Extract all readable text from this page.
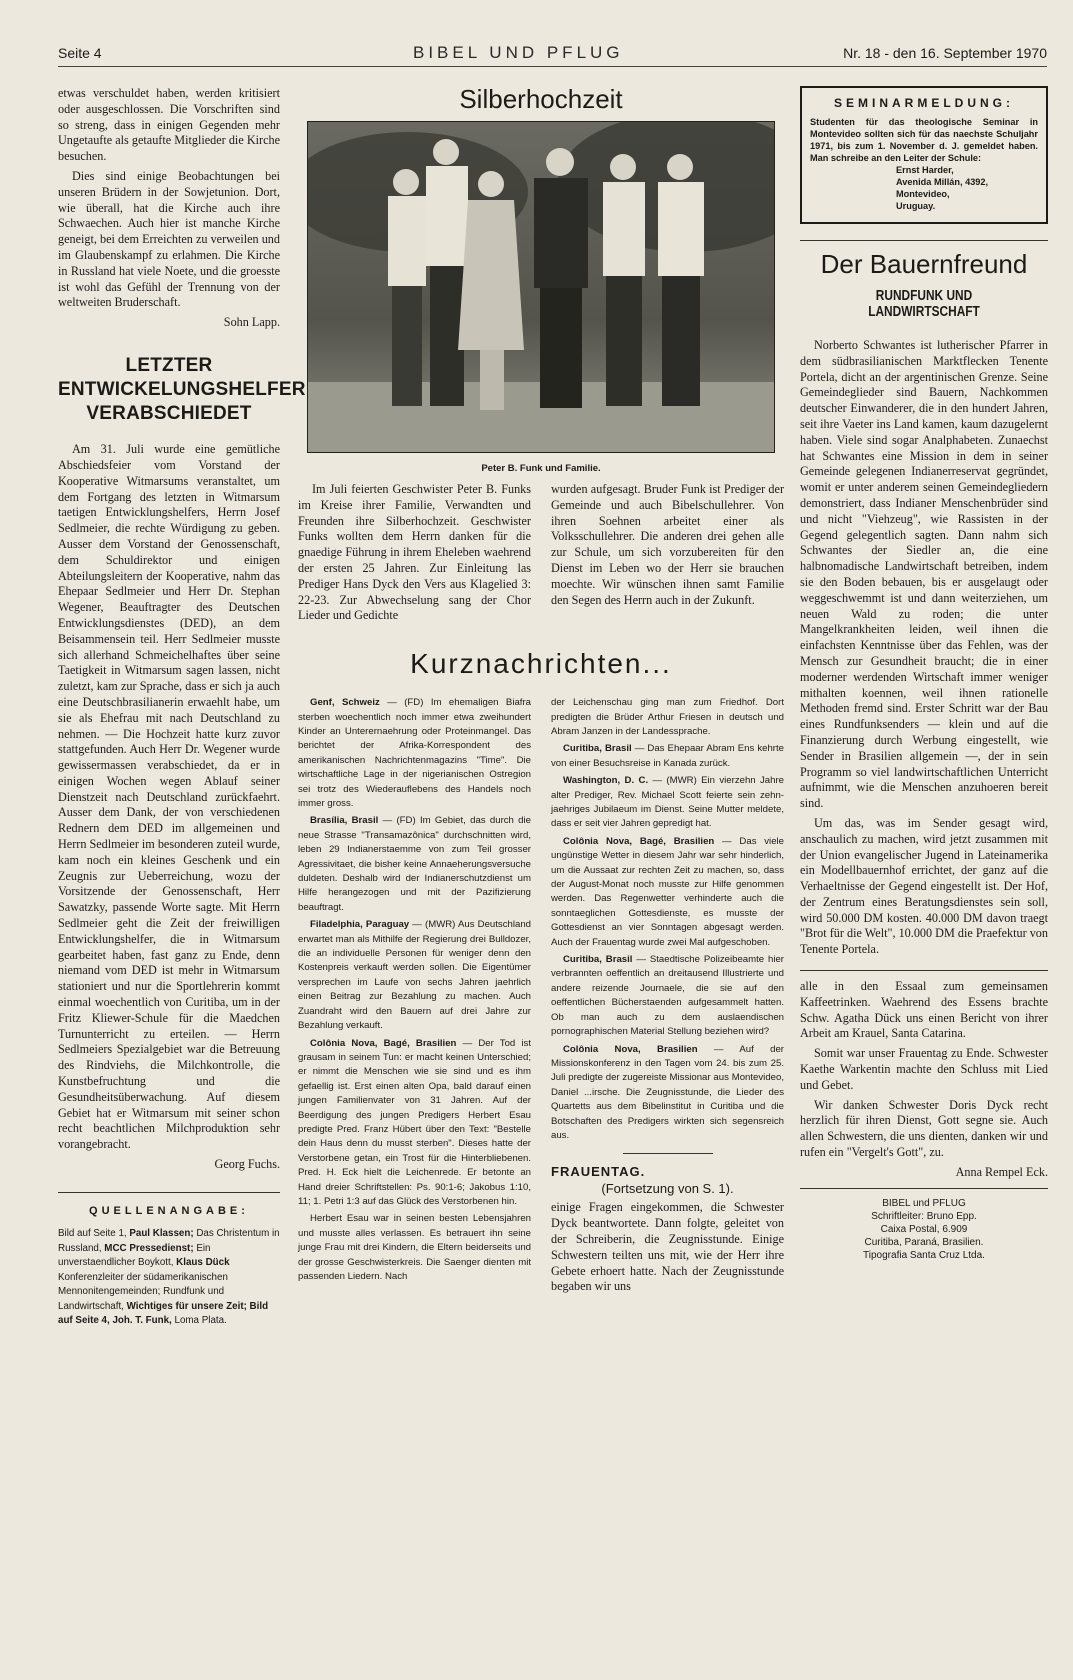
Seite 4	BIBEL UND PFLUG	Nr. 18 - den 16. September 1970

etwas verschuldet haben, werden kritisiert oder ausgeschlossen. Die Vorschriften sind so streng, dass in einigen Gegenden mehr Ungetaufte als getaufte Mitglieder die Kirche besuchen.

Dies sind einige Beobachtungen bei unseren Brüdern in der Sowjetunion. Dort, wie überall, hat die Kirche auch ihre Schwaechen. Auch hier ist manche Kirche geneigt, bei dem Erreichten zu verweilen und im Glaubenskampf zu erlahmen. Die Kirche in Russland hat viele Noete, und die groesste ist wohl das Gefühl der Trennung von der weltweiten Bruderschaft.

Sohn Lapp.
LETZTER
ENTWICKELUNGSHELFER
VERABSCHIEDET

Am 31. Juli wurde eine gemütliche Abschiedsfeier vom Vorstand der Kooperative Witmarsums veranstaltet, um dem Fortgang des letzten in Witmarsum taetigen Entwicklungshelfers, Herrn Josef Sedlmeier, die rechte Würdigung zu geben. Ausser dem Vorstand der Genossenschaft, dem Schuldirektor und einigen Abteilungsleitern der Kooperative, nahm das Ehepaar Sedlmeier und Herr Dr. Stephan Wegener, Beauftragter des Deutschen Entwicklungsdienstes (DED), an dem Beisammensein teil. Herr Sedlmeier musste sich allerhand Schmeichelhaftes über seine Taetigkeit in Witmarsum sagen lassen, nicht zuletzt, kam zur Sprache, dass er sich ja auch eine Deutschbrasilianerin erwaehlt habe, um sie als Ehefrau mit nach Deutschland zu nehmen. — Die Hochzeit hatte kurz zuvor stattgefunden. Auch Herr Dr. Wegener wurde gewissermassen verabschiedet, da er in einigen Wochen wegen Ablauf seiner Dienstzeit nach Deutschland zurückfaehrt. Ausser dem Dank, der von verschiedenen Rednern dem DED im allgemeinen und Herrn Sedlmeier im besonderen zuteil wurde, kam noch ein kleines Geschenk und ein Zeugnis zur Ueberreichung, wozu der Vorsitzende der Genossenschaft, Herr Sawatzky, passende Worte sagte. Mit Herrn Sedlmeier geht die Zeit der freiwilligen Entwicklungshelfer, die in Witmarsum gearbeitet haben, fast ganz zu Ende, denn niemand vom DED ist mehr in Witmarsum stationiert und nur die Sportlehrerin kommt einmal woechentlich von Curitiba, um in der Fritz Kliewer-Schule für die Maedchen Turnunterricht zu erteilen. — Herrn Sedlmeiers Spezialgebiet war die Betreuung des Rindviehs, die Milchkontrolle, die Kunstbefruchtung und die Gesundheitsüberwachung. Auf diesem Gebiet hat er Witmarsum mit seiner schon recht beachtlichen Milchproduktion sehr vorangebracht.

Georg Fuchs.
QUELLENANGABE:

Bild auf Seite 1, Paul Klassen; Das Christentum in Russland, MCC Pressedienst; Ein unverstaendlicher Boykott, Klaus Dück Konferenzleiter der südamerikanischen Mennonitengemeinden; Rundfunk und Landwirtschaft, Wichtiges für unsere Zeit; Bild auf Seite 4, Joh. T. Funk, Loma Plata.

Silberhochzeit
Peter B. Funk und Familie.

Im Juli feierten Geschwister Peter B. Funks im Kreise ihrer Familie, Verwandten und Freunden ihre Silberhochzeit. Geschwister Funks wollten dem Herrn danken für die gnaedige Führung in ihrem Eheleben waehrend der ersten 25 Jahren. Zur Einleitung las Prediger Hans Dyck den Vers aus Klagelied 3: 22-23. Zur Abwechselung sang der Chor Lieder und Gedichte

wurden aufgesagt. Bruder Funk ist Prediger der Gemeinde und auch Bibelschullehrer. Von ihren Soehnen arbeitet einer als Volksschullehrer. Die anderen drei gehen alle zur Schule, um sich vorzubereiten für den Dienst im Leben wo der Herr sie brauchen moechte. Wir wünschen ihnen samt Familie den Segen des Herrn auch in der Zukunft.

Kurznachrichten...

Genf, Schweiz — (FD) Im ehemaligen Biafra sterben woechentlich noch immer etwa zweihundert Kinder an Unterernaehrung oder Proteinmangel. Das berichtet der Afrika-Korrespondent des amerikanischen Nachrichtenmagazins "Time". Die wirtschaftliche Lage in der nigerianischen Ostregion sei trotz des Wiederauflebens des Handels noch immer gross.

Brasília, Brasil — (FD) Im Gebiet, das durch die neue Strasse "Transamazônica" durchschnitten wird, leben 29 Indianerstaemme von zum Teil grosser Agressivitaet, die bisher keine Annaeherungsversuche duldeten. Deshalb wird der Indianerschutzdienst um Hilfe herangezogen und mit der Pazifizierung beauftragt.

Filadelphia, Paraguay — (MWR) Aus Deutschland erwartet man als Mithilfe der Regierung drei Bulldozer, die an individuelle Personen für weniger denn den Kostenpreis verkauft werden sollen. Die Eigentümer versprechen im Laufe von sechs Jahren jaehrlich einen Beitrag zur Bezahlung zu machen. Auch Zuandraht wird den Bauern auf drei Jahre zur Bezahlung verkauft.

Colônia Nova, Bagé, Brasilien — Der Tod ist grausam in seinem Tun: er macht keinen Unterschied; er nimmt die Menschen wie sie sind und es ihm gefaellig ist. Erst einen alten Opa, bald darauf einen jungen Familienvater von 31 Jahren. Auf der Beerdigung des jungen Predigers Herbert Esau predigte Pred. Franz Hübert über den Text: "Bestelle dein Haus denn du musst sterben". Dieses hatte der Verstorbene getan, ein Trost für die Hinterbliebenen. Pred. H. Eck hielt die Leichenrede. Er betonte an Hand dreier Schriftstellen: Ps. 90:1-6; Jakobus 1:10, 11; 1. Petri 1:3 auf das Glück des Verstorbenen hin.

Herbert Esau war in seinen besten Lebensjahren und musste alles verlassen. Es betrauert ihn seine junge Frau mit drei Kindern, die Eltern beiderseits und der grosse Geschwisterkreis. Die Saenger dienten mit passenden Liedern. Nach

der Leichenschau ging man zum Friedhof. Dort predigten die Brüder Arthur Friesen in deutsch und Abram Janzen in der Landessprache.

Curitiba, Brasil — Das Ehepaar Abram Ens kehrte von einer Besuchsreise in Kanada zurück.

Washington, D. C. — (MWR) Ein vierzehn Jahre alter Prediger, Rev. Michael Scott feierte sein zehn-jaehriges Jubilaeum im Dienst. Seine Mutter meldete, dass er seit vier Jahren gepredigt hat.

Colônia Nova, Bagé, Brasilien — Das viele ungünstige Wetter in diesem Jahr war sehr hinderlich, um die Aussaat zur rechten Zeit zu machen, so, dass der August-Monat noch musste zur Hilfe genommen werden. Das Regenwetter verhinderte auch die sonntaeglichen Gottesdienste, es musste der Gottesdienst an vier Sonntagen abgesagt werden. Auch der Frauentag wurde zwei Mal aufgeschoben.

Curitiba, Brasil — Staedtische Polizeibeamte hier verbrannten oeffentlich an dreitausend Illustrierte und andere reizende Journaele, die sie auf den oeffentlichen Bücherstaenden aufgesammelt hatten. Ob man auch zu dem auslaendischen pornographischen Material Stellung beziehen wird?

Colônia Nova, Brasilien — Auf der Missionskonferenz in den Tagen vom 24. bis zum 25. Juli predigte der zugereiste Missionar aus Montevideo, Daniel ...irsche. Die Zeugnisstunde, die Lieder des Quartetts aus dem Bibelinstitut in Curitiba und die Botschaften des Predigers wirkten sich segensreich aus.

FRAUENTAG.
(Fortsetzung von S. 1).

einige Fragen eingekommen, die Schwester Dyck beantwortete. Dann folgte, geleitet von der Schreiberin, die Zeugnisstunde. Einige Schwestern teilten uns mit, wie der Herr ihre Gebete erhoert hatte. Nach der Zeugnisstunde begaben wir uns

SEMINARMELDUNG:

Studenten für das theologische Seminar in Montevideo sollten sich für das naechste Schuljahr 1971, bis zum 1. November d. J. gemeldet haben. Man schreibe an den Leiter der Schule:

Ernst Harder,

Avenida Millán, 4392,

Montevideo,

Uruguay.

Der Bauernfreund
RUNDFUNK UND LANDWIRTSCHAFT

Norberto Schwantes ist lutherischer Pfarrer in dem südbrasilianischen Marktflecken Tenente Portela, dicht an der argentinischen Grenze. Seine Gemeindeglieder sind Bauern, Nachkommen deutscher Einwanderer, die in den hundert Jahren, seit ihre Vaeter ins Land kamen, kaum dazugelernt haben. Viele sind sogar Analphabeten. Zunaechst hat Schwantes eine Mission in dem in seiner Gemeinde gelegenen Indianerreservat gegründet, womit er unter anderem seinen Gemeindegliedern demonstriert, dass Indianer Menschenbrüder sind und nicht "Viehzeug", wie Rassisten in der Gegend gelegentlich sagten. Dann nahm sich Schwantes der Siedler an, die eine halbnomadische Landwirtschaft betreiben, indem sie den Boden bebauen, bis er ausgelaugt oder weggeschwemmt ist und dann weiterziehen, um neuen Wald zu roden; die unter Mangelkrankheiten leiden, weil ihnen die einfachsten Kenntnisse über das Fehlen, was der Mensch zur Gesundheit braucht; die in einer moderner werdenden Wirtschaft immer weniger mithalten koennen, weil ihnen rationelle Methoden fremd sind. Erster Schritt war der Bau eines Rundfunksenders — klein und auf die Finanzierung durch Werbung eingestellt, wie Sender in Brasilien allgemein —, der in sein Programm so viel landwirtschaftlichen Unterricht aufnimmt, wie die Menschen anzuhoeren bereit sind.

Um das, was im Sender gesagt wird, anschaulich zu machen, wird jetzt zusammen mit der Union evangelischer Jugend in Lateinamerika ein Modellbauernhof errichtet, der ganz auf die Verhaeltnisse der Gegend eingestellt ist. Der Hof, der Zentrum eines Beratungsdienstes sein soll, wird 50.000 DM kosten. 40.000 DM davon traegt "Brot für die Welt", 10.000 DM die Praefektur von Tenente Portela.

alle in den Essaal zum gemeinsamen Kaffeetrinken. Waehrend des Essens brachte Schw. Agatha Dück uns einen Bericht von ihrer Arbeit am Krauel, Santa Catarina.

Somit war unser Frauentag zu Ende. Schwester Kaethe Warkentin machte den Schluss mit Lied und Gebet.

Wir danken Schwester Doris Dyck recht herzlich für ihren Dienst, Gott segne sie. Auch allen Schwestern, die uns dienten, danken wir und rufen ein "Vergelt's Gott", zu.

Anna Rempel Eck.

BIBEL und PFLUG

Schriftleiter: Bruno Epp.

Caixa Postal, 6.909

Curitiba, Paraná, Brasilien.

Tipografia Santa Cruz Ltda.
